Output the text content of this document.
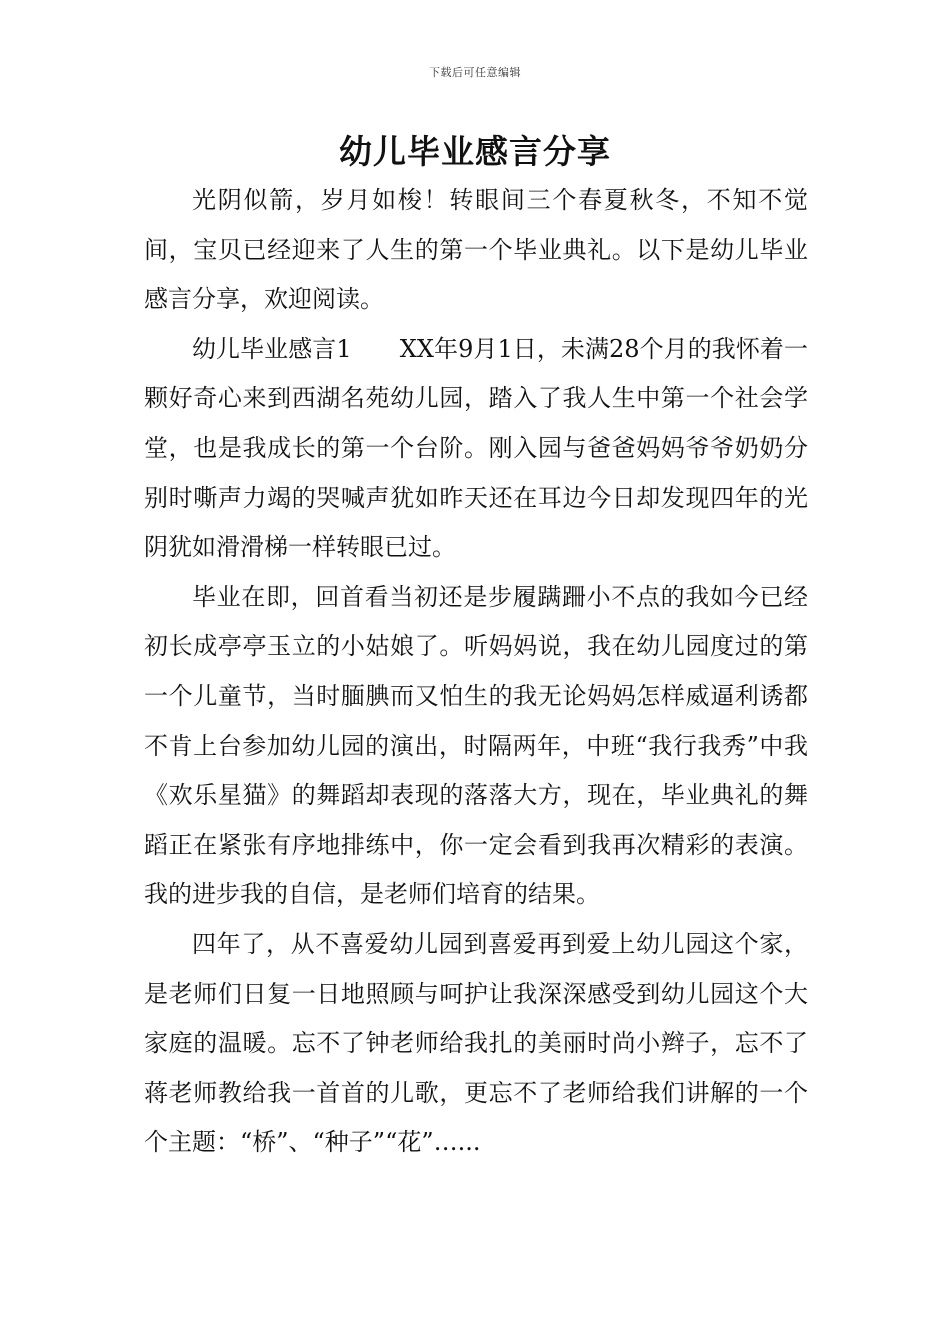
下载后可任意编辑
幼儿毕业感言分享

光阴似箭，岁月如梭！转眼间三个春夏秋冬，不知不觉间，宝贝已经迎来了人生的第一个毕业典礼。以下是幼儿毕业感言分享，欢迎阅读。

幼儿毕业感言1　　XX年9月1日，未满28个月的我怀着一颗好奇心来到西湖名苑幼儿园，踏入了我人生中第一个社会学堂，也是我成长的第一个台阶。刚入园与爸爸妈妈爷爷奶奶分别时嘶声力竭的哭喊声犹如昨天还在耳边今日却发现四年的光阴犹如滑滑梯一样转眼已过。

毕业在即，回首看当初还是步履蹒跚小不点的我如今已经初长成亭亭玉立的小姑娘了。听妈妈说，我在幼儿园度过的第一个儿童节，当时腼腆而又怕生的我无论妈妈怎样威逼利诱都不肯上台参加幼儿园的演出，时隔两年，中班“我行我秀”中我《欢乐星猫》的舞蹈却表现的落落大方，现在，毕业典礼的舞蹈正在紧张有序地排练中，你一定会看到我再次精彩的表演。我的进步我的自信，是老师们培育的结果。

四年了，从不喜爱幼儿园到喜爱再到爱上幼儿园这个家，是老师们日复一日地照顾与呵护让我深深感受到幼儿园这个大家庭的温暖。忘不了钟老师给我扎的美丽时尚小辫子，忘不了蒋老师教给我一首首的儿歌，更忘不了老师给我们讲解的一个个主题：“桥”、“种子”“花”…...
